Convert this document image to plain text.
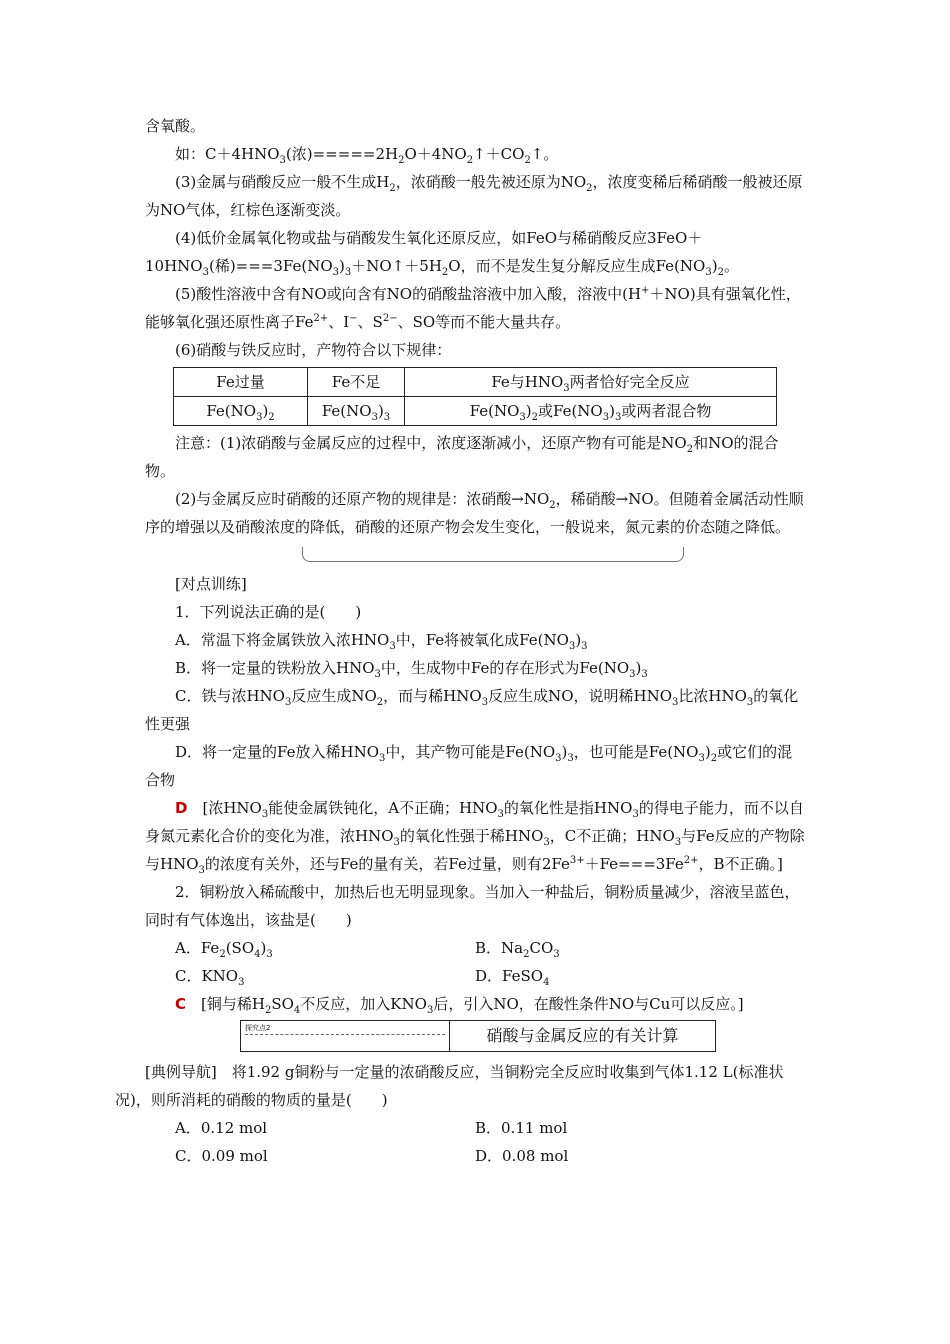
含氧酸。

如：$C+4HNO_3$(浓)$=====2H_2O+4NO_2↑+CO_2↑$。

(3)金属与硝酸反应一般不生成$H_2$，浓硝酸一般先被还原为$NO_2$，浓度变稀后稀硝酸一般被还原为NO气体，红棕色逐渐变淡。

(4)低价金属氧化物或盐与硝酸发生氧化还原反应，如FeO与稀硝酸反应$3FeO+10HNO_3$(稀)$===3Fe(NO_3)_3+NO↑+5H_2O$，而不是发生复分解反应生成$Fe(NO_3)_2$。

(5)酸性溶液中含有NO或向含有NO的硝酸盐溶液中加入酸，溶液中(H+＋NO)具有强氧化性，能够氧化强还原性离子$Fe^{2+}$、I−、$S^{2-}$、SO等而不能大量共存。

(6)硝酸与铁反应时，产物符合以下规律：

Fe过量	Fe不足	Fe与$HNO_3$两者恰好完全反应
$Fe(NO_3)_2$	$Fe(NO_3)_3$	$Fe(NO_3)_2$或$Fe(NO_3)_3$或两者混合物

注意：(1)浓硝酸与金属反应的过程中，浓度逐渐减小，还原产物有可能是$NO_2$和NO的混合物。

(2)与金属反应时硝酸的还原产物的规律是：浓硝酸$\to NO_2$，稀硝酸→NO。但随着金属活动性顺序的增强以及硝酸浓度的降低，硝酸的还原产物会发生变化，一般说来，氮元素的价态随之降低。

[对点训练]

1．下列说法正确的是(　　)

A．常温下将金属铁放入浓$HNO_3$中，Fe将被氧化成$Fe(NO_3)_3$

B．将一定量的铁粉放入$HNO_3$中，生成物中Fe的存在形式为$Fe(NO_3)_3$

C．铁与浓$HNO_3$反应生成$NO_2$，而与稀$HNO_3$反应生成NO，说明稀$HNO_3$比浓$HNO_3$的氧化性更强

D．将一定量的Fe放入稀$HNO_3$中，其产物可能是$Fe(NO_3)_3$，也可能是$Fe(NO_3)_2$或它们的混合物

D　 [浓$HNO_3$能使金属铁钝化，A不正确；$HNO_3$的氧化性是指$HNO_3$的得电子能力，而不以自身氮元素化合价的变化为准，浓$HNO_3$的氧化性强于稀$HNO_3$，C不正确；$HNO_3$与Fe反应的产物除与$HNO_3$的浓度有关外，还与Fe的量有关，若Fe过量，则有$2Fe^{3+}+Fe===3Fe^{2+}$，B不正确。]

2．铜粉放入稀硫酸中，加热后也无明显现象。当加入一种盐后，铜粉质量减少，溶液呈蓝色，同时有气体逸出，该盐是(　　)

A．$Fe_2(SO_4)_3$	B．$Na_2CO_3$
C．$KNO_3$	D．FeSO$_4$

C　 [铜与稀$H_2SO_4$不反应，加入$KNO_3$后，引入NO，在酸性条件NO与Cu可以反应。]

探究点2	硝酸与金属反应的有关计算

[典例导航]　将1.92 g铜粉与一定量的浓硝酸反应，当铜粉完全反应时收集到气体1.12 L(标准状况)，则所消耗的硝酸的物质的量是(　　)

A．0.12 mol	B．0.11 mol
C．0.09 mol	D．0.08 mol
